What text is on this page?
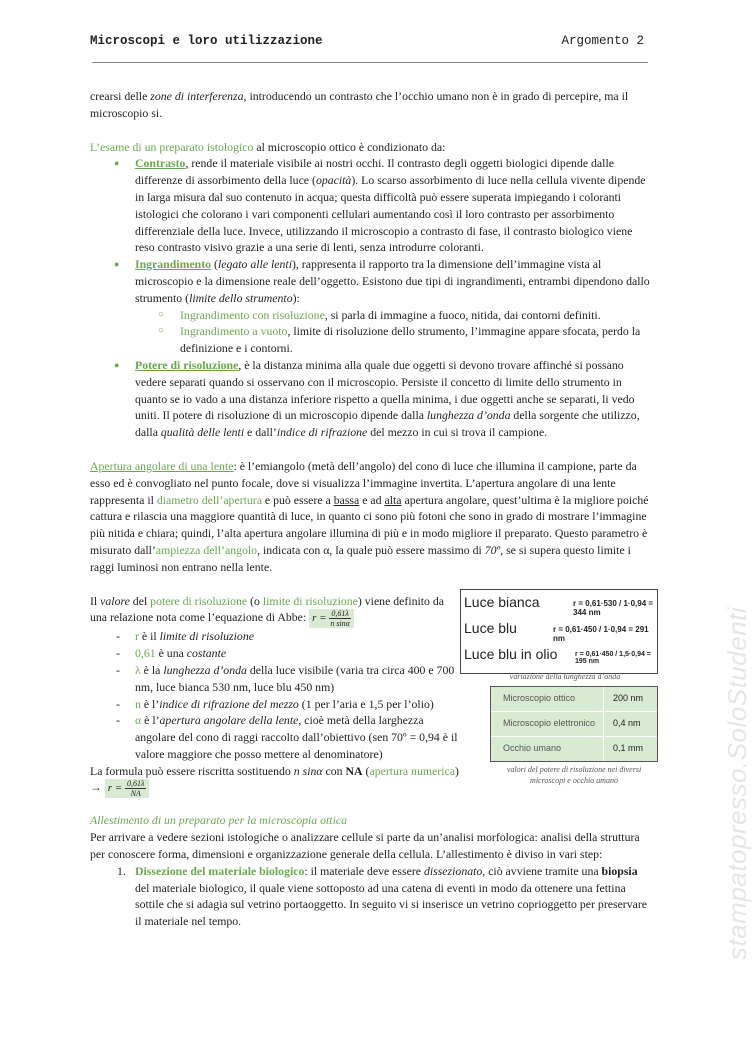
Microscopi e loro utilizzazione	Argomento 2

crearsi delle zone di interferenza, introducendo un contrasto che l’occhio umano non è in grado di percepire, ma il microscopio si.

L’esame di un preparato istologico al microscopio ottico è condizionato da:

● Contrasto, rende il materiale visibile ai nostri occhi. Il contrasto degli oggetti biologici dipende dalle differenze di assorbimento della luce (opacità). Lo scarso assorbimento di luce nella cellula vivente dipende in larga misura dal suo contenuto in acqua; questa difficoltà può essere superata impiegando i coloranti istologici che colorano i vari componenti cellulari aumentando così il loro contrasto per assorbimento differenziale della luce. Invece, utilizzando il microscopio a contrasto di fase, il contrasto biologico viene reso contrasto visivo grazie a una serie di lenti, senza introdurre coloranti.
● Ingrandimento (legato alle lenti), rappresenta il rapporto tra la dimensione dell’immagine vista al microscopio e la dimensione reale dell’oggetto. Esistono due tipi di ingrandimenti, entrambi dipendono dallo strumento (limite dello strumento):
○ Ingrandimento con risoluzione, si parla di immagine a fuoco, nitida, dai contorni definiti.
○ Ingrandimento a vuoto, limite di risoluzione dello strumento, l’immagine appare sfocata, perdo la definizione e i contorni.
● Potere di risoluzione, è la distanza minima alla quale due oggetti si devono trovare affinché si possano vedere separati quando si osservano con il microscopio. Persiste il concetto di limite dello strumento in quanto se io vado a una distanza inferiore rispetto a quella minima, i due oggetti anche se separati, li vedo uniti. Il potere di risoluzione di un microscopio dipende dalla lunghezza d’onda della sorgente che utilizzo, dalla qualità delle lenti e dall’indice di rifrazione del mezzo in cui si trova il campione.

Apertura angolare di una lente: è l’emiangolo (metà dell’angolo) del cono di luce che illumina il campione, parte da esso ed è convogliato nel punto focale, dove si visualizza l’immagine invertita. L’apertura angolare di una lente rappresenta il diametro dell’apertura e può essere a bassa e ad alta apertura angolare, quest’ultima è la migliore poiché cattura e rilascia una maggiore quantità di luce, in quanto ci sono più fotoni che sono in grado di mostrare l’immagine più nitida e chiara; quindi, l’alta apertura angolare illumina di più e in modo migliore il preparato. Questo parametro è misurato dall’ampiezza dell’angolo, indicata con α, la quale può essere massimo di 70º, se si supera questo limite i raggi luminosi non entrano nella lente.

Il valore del potere di risoluzione (o limite di risoluzione) viene definito da una relazione nota come l’equazione di Abbe: $r = \frac{0,61\lambda}{\text{n sinα}}$

- r è il limite di risoluzione
- 0,61 è una costante
- λ è la lunghezza d’onda della luce visibile (varia tra circa 400 e 700 nm, luce bianca 530 nm, luce blu 450 nm)
- n è l’indice di rifrazione del mezzo (1 per l’aria e 1,5 per l’olio)
- α è l’apertura angolare della lente, cioè metà della larghezza angolare del cono di raggi raccolto dall’obiettivo (sen 70º = 0,94 è il valore maggiore che posso mettere al denominatore)

La formula può essere riscritta sostituendo n sinα con NA (apertura numerica)

→ $r = \frac{0,61\lambda}{NA}$

Allestimento di un preparato per la microscopia ottica

Per arrivare a vedere sezioni istologiche o analizzare cellule si parte da un’analisi morfologica: analisi della struttura per conoscere forma, dimensioni e organizzazione generale della cellula. L’allestimento è diviso in vari step:

1. Dissezione del materiale biologico: il materiale deve essere dissezionato, ciò avviene tramite una biopsia del materiale biologico, il quale viene sottoposto ad una catena di eventi in modo da ottenere una fettina sottile che si adagia sul vetrino portaoggetto. In seguito vi si inserisce un vetrino coprioggetto per preservare il materiale nel tempo.
Luce bianca	r = 0,61·530 / 1·0,94 = 344 nm
Luce blu	r = 0,61·450 / 1·0,94 = 291 nm
Luce blu in olio	r = 0,61·450 / 1,5·0,94 = 195 nm
variazione della lunghezza d’onda
Microscopio ottico	200 nm
Microscopio elettronico 0,4 nm
Occhio umano	0,1 mm
valori del potere di risoluzione nei diversi microscopi e occhio umano	stampatopresso.SoloStudenti
